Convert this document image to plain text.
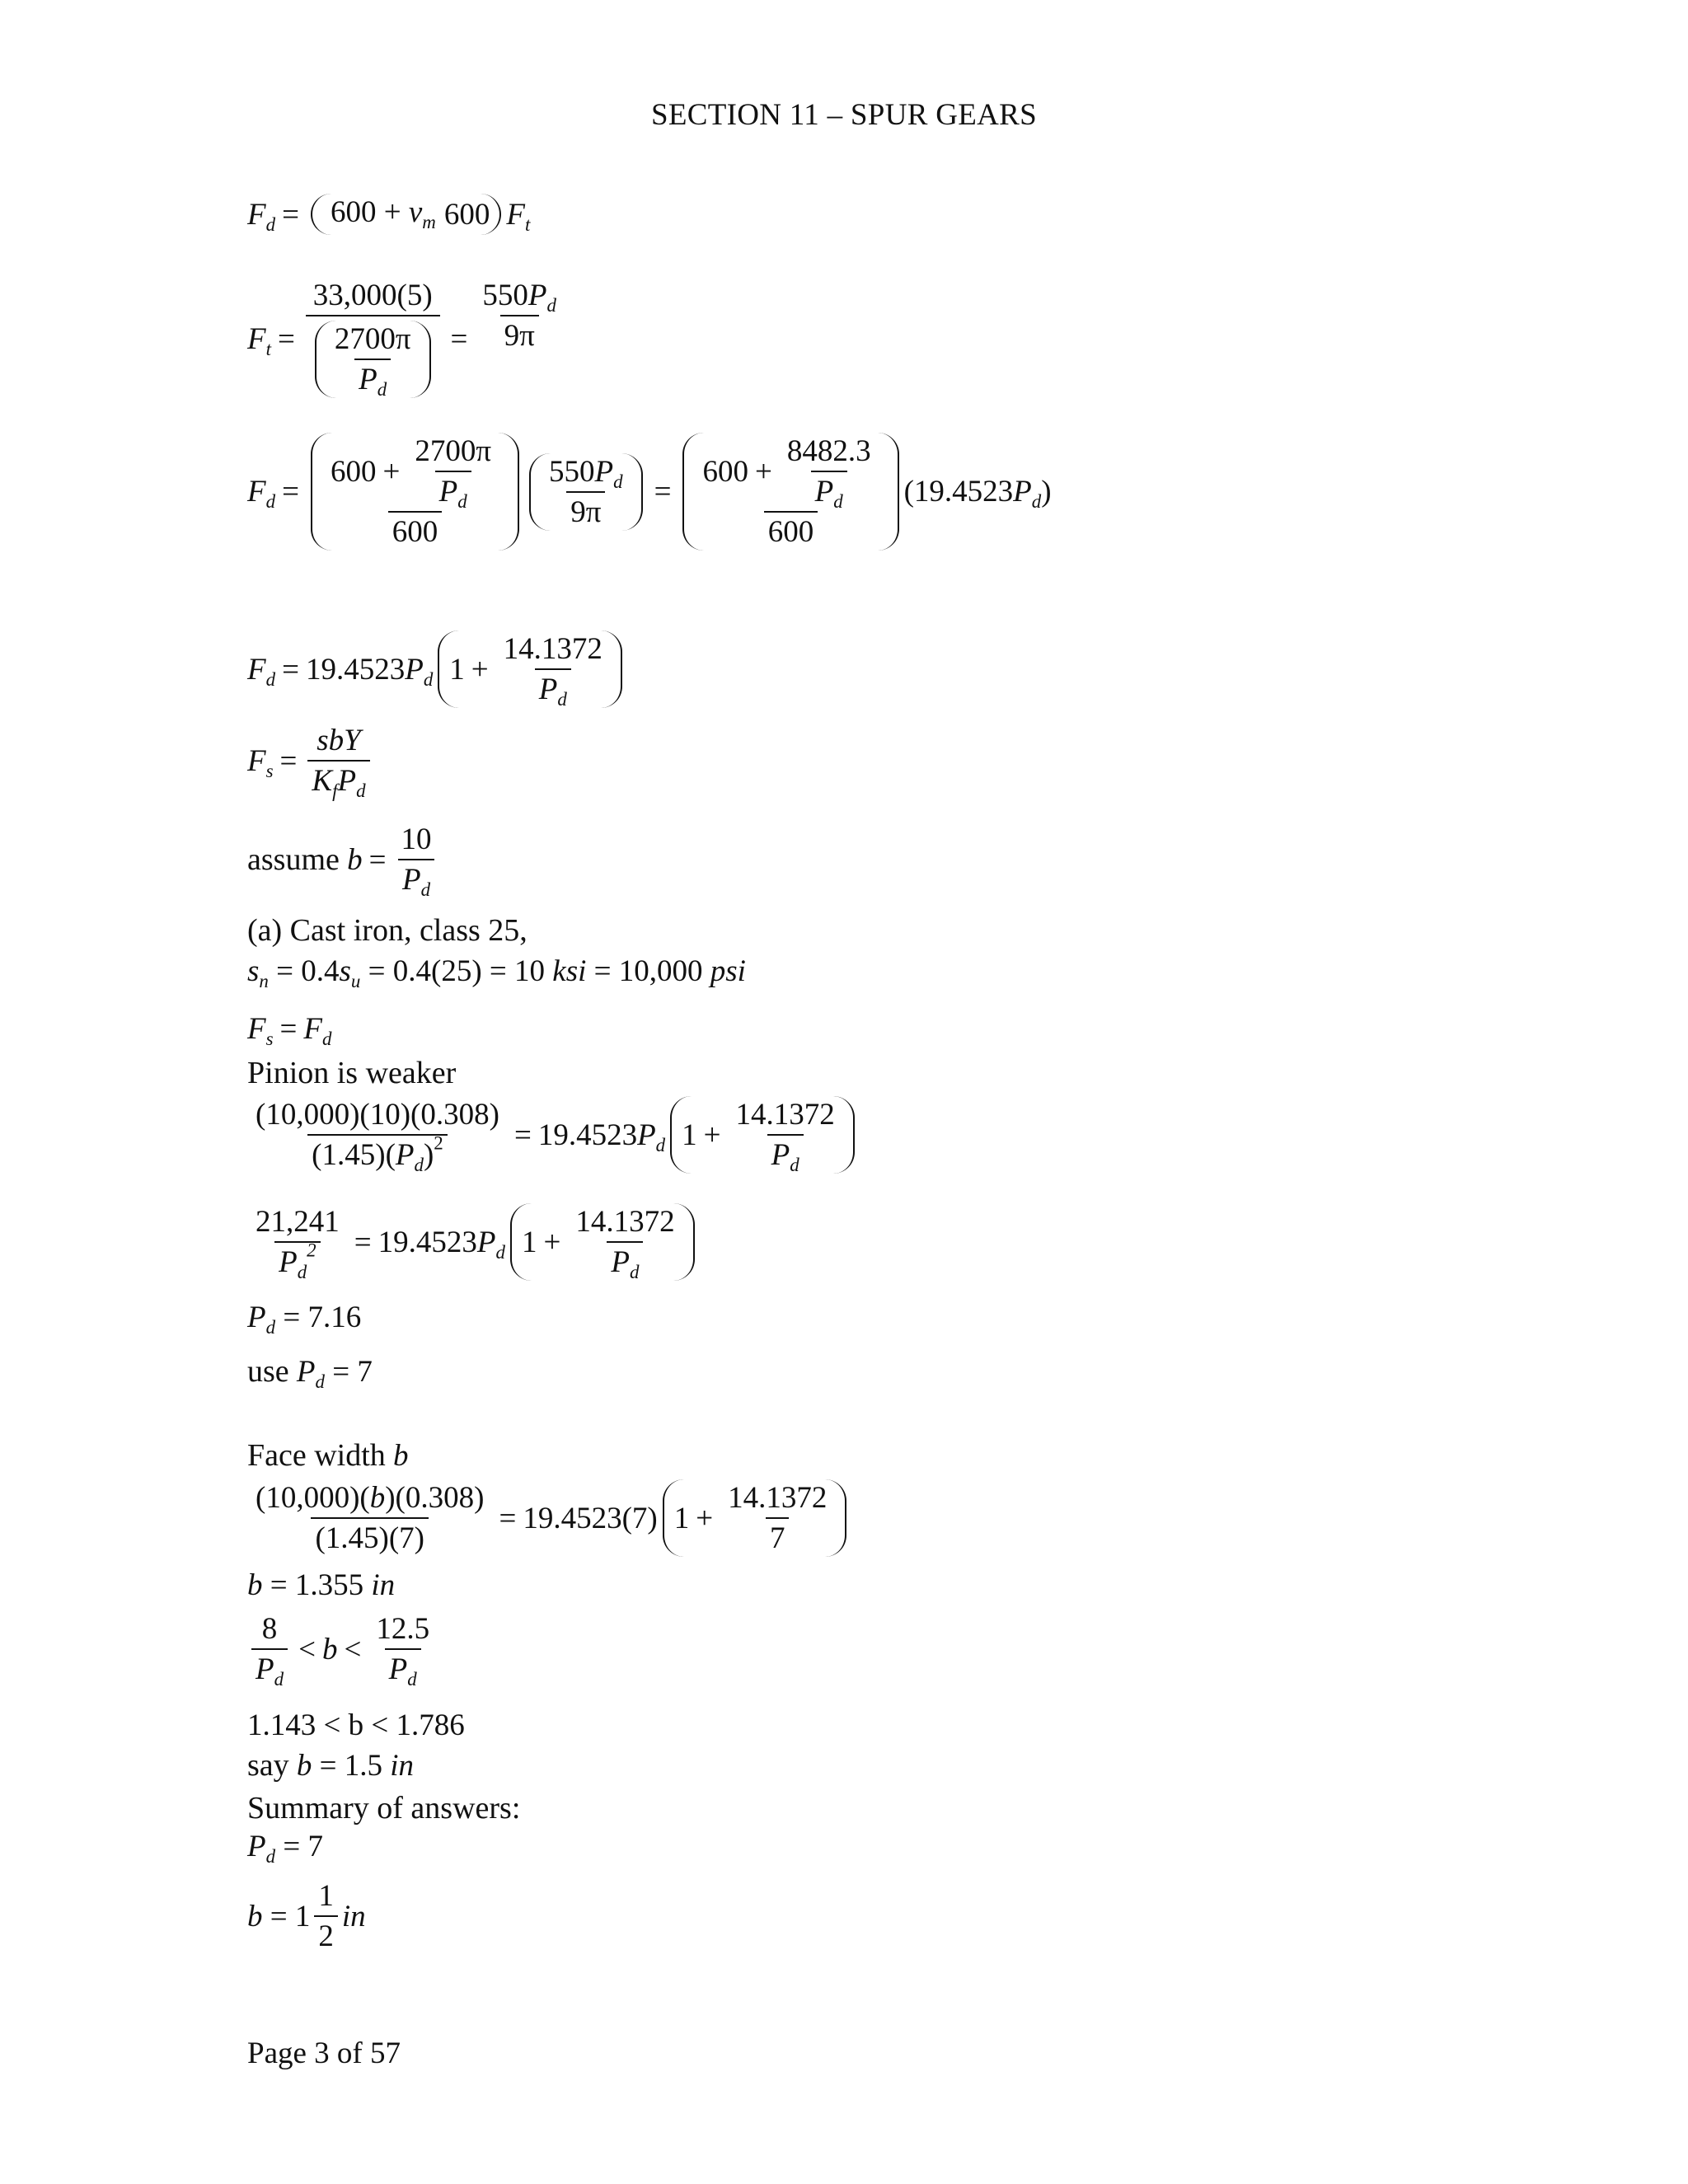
SECTION 11 – SPUR GEARS
$F_d = 600 + v_m$ 600 $F_t$
$F_t = \frac{33,000(5)}{\frac{2700\pi}{P_d}} = \frac{550P_d}{9\pi}$
$F_d = \frac{600 + \frac{2700\pi}{P_d}}{600} \frac{550P_d}{9\pi} = \frac{600 + \frac{8482.3}{P_d}}{600} (19.4523P_d)$
$F_d = 19.4523$ $P_d$ $1 + \frac{14.1372}{P_d}$
$F_s = \frac{\text{sbY}}{K_fP_d}$
assume
$b = \frac{10}{P_d}$
(a) Cast iron, class 25,
$s_n$
= 0.4 $s_u$
= 0.4(25) = 10
ksi
= 10,000
psi
$F_s = F_d$
Pinion is weaker
$\frac{(10,000)(10)(0.308)}{(1.45)(P_d)^2} = 19.4523$ $P_d$ $1 + \frac{14.1372}{P_d}$
$\frac{21,241}{P_d^2} = 19.4523$ $P_d$ $1 + \frac{14.1372}{P_d}$
$P_d$
= 7.16
use
$P_d$
= 7
Face width
b
$\frac{(10,000)(b)(0.308)}{(1.45)(7)} = 19.4523$ (7) $1 + \frac{14.1372}{7}$
b
= 1.355
in
$\frac{8}{P_d} < b < \frac{12.5}{P_d}$
1.143 < b < 1.786
say
b
= 1.5
in
Summary of answers:
$P_d$
= 7
b
= $1 \frac{1}{2}$ in
Page 3 of 57
